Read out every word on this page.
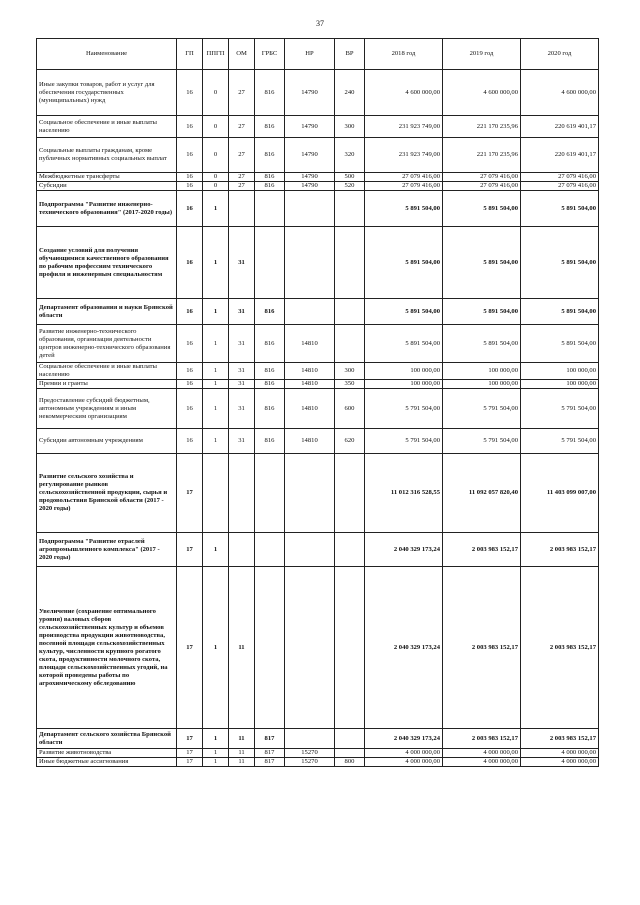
37
Наименование	ГП	ППГП	ОМ	ГРБС	НР	ВР	2018 год	2019 год	2020 год
Иные закупки товаров, работ и услуг для обеспечения государственных (муниципальных) нужд	16	0	27	816	14790	240	4 600 000,00	4 600 000,00	4 600 000,00
Социальное обеспечение и иные выплаты населению	16	0	27	816	14790	300	231 923 749,00	221 170 235,96	220 619 401,17
Социальные выплаты гражданам, кроме публичных нормативных социальных выплат	16	0	27	816	14790	320	231 923 749,00	221 170 235,96	220 619 401,17
Межбюджетные трансферты	16	0	27	816	14790	500	27 079 416,00	27 079 416,00	27 079 416,00
Субсидии	16	0	27	816	14790	520	27 079 416,00	27 079 416,00	27 079 416,00
Подпрограмма "Развитие инженерно-технического образования" (2017-2020 годы)	16	1					5 891 504,00	5 891 504,00	5 891 504,00
Создание условий для получения обучающимися качественного образования по рабочим профессиям технического профиля и инженерным специальностям	16	1	31				5 891 504,00	5 891 504,00	5 891 504,00
Департамент образования и науки Брянской области	16	1	31	816			5 891 504,00	5 891 504,00	5 891 504,00
Развитие инженерно-технического образования, организация деятельности центров инженерно-технического образования детей	16	1	31	816	14810		5 891 504,00	5 891 504,00	5 891 504,00
Социальное обеспечение и иные выплаты населению	16	1	31	816	14810	300	100 000,00	100 000,00	100 000,00
Премии и гранты	16	1	31	816	14810	350	100 000,00	100 000,00	100 000,00
Предоставление субсидий бюджетным, автономным учреждениям и иным некоммерческим организациям	16	1	31	816	14810	600	5 791 504,00	5 791 504,00	5 791 504,00
Субсидии автономным учреждениям	16	1	31	816	14810	620	5 791 504,00	5 791 504,00	5 791 504,00
Развитие сельского хозяйства и регулирование рынков сельскохозяйственной продукции, сырья и продовольствия Брянской области (2017 - 2020 годы)	17						11 012 316 528,55	11 092 057 820,40	11 403 099 007,00
Подпрограмма "Развитие отраслей агропромышленного комплекса" (2017 - 2020 годы)	17	1					2 040 329 173,24	2 003 983 152,17	2 003 983 152,17
Увеличение (сохранение оптимального уровня) валовых сборов сельскохозяйственных культур и объемов производства продукции животноводства, посевной площади сельскохозяйственных культур, численности крупного рогатого скота, продуктивности молочного скота, площади сельскохозяйственных угодий, на которой проведены работы по агрохимическому обследованию	17	1	11				2 040 329 173,24	2 003 983 152,17	2 003 983 152,17
Департамент сельского хозяйства Брянской области	17	1	11	817			2 040 329 173,24	2 003 983 152,17	2 003 983 152,17
Развитие животноводства	17	1	11	817	15270		4 000 000,00	4 000 000,00	4 000 000,00
Иные бюджетные ассигнования	17	1	11	817	15270	800	4 000 000,00	4 000 000,00	4 000 000,00
